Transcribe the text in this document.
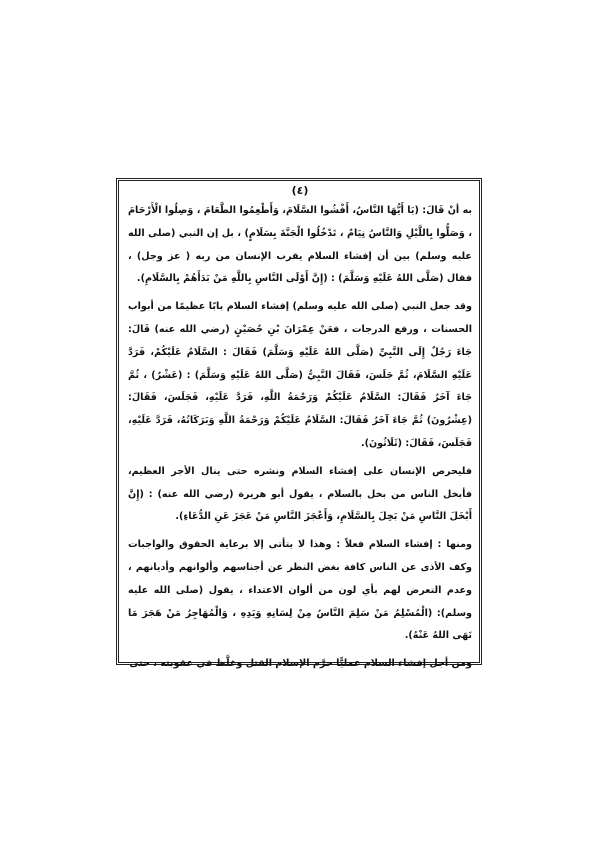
(٤)

به أنْ قَالَ: (يَا أَيُّهَا النَّاسُ، أَفْشُوا السَّلَامَ، وَأَطْعِمُوا الطَّعَامَ ، وَصِلُوا الْأَرْحَامَ ، وَصَلُّوا بِاللَّيْلِ وَالنَّاسُ نِيَامٌ ، تَدْخُلُوا الْجَنَّةَ بِسَلَامٍ) ، بل إن النبي (صلى الله عليه وسلم) بين أن إفشاء السلام يقرب الإنسان من ربه ( عز وجل) ، فقال (صَلَّى اللهُ عَلَيْهِ وَسَلَّمَ) : (إِنَّ أَوْلَى النَّاسِ بِاللَّهِ مَنْ بَدَأَهُمْ بِالسَّلَامِ).

وقد جعل النبي (صلى الله عليه وسلم) إفشاء السلام بابًا عظيمًا من أبواب الحسنات ، ورفع الدرجات ، فعَنْ عِمْرَانَ بْنِ حُصَيْنٍ (رضي الله عنه) قَالَ: جَاءَ رَجُلٌ إِلَى النَّبِيِّ (صَلَّى اللهُ عَلَيْهِ وَسَلَّمَ) فَقَالَ : السَّلَامُ عَلَيْكُمْ، فَرَدَّ عَلَيْهِ السَّلَامَ، ثُمَّ جَلَسَ، فَقَالَ النَّبِيُّ (صَلَّى اللهُ عَلَيْهِ وَسَلَّمَ) : (عَشْرٌ) ، ثُمَّ جَاءَ آخَرُ فَقَالَ: السَّلَامُ عَلَيْكُمْ وَرَحْمَةُ اللَّهِ، فَرَدَّ عَلَيْهِ، فَجَلَسَ، فَقَالَ: (عِشْرُونَ) ثُمَّ جَاءَ آخَرُ فَقَالَ: السَّلَامُ عَلَيْكُمْ وَرَحْمَةُ اللَّهِ وَبَرَكَاتُهُ، فَرَدَّ عَلَيْهِ، فَجَلَسَ، فَقَالَ: (ثَلَاثُونَ).

فليحرص الإنسان على إفشاء السلام ونشره حتى ينال الأجر العظيم، فأبخل الناس من بخل بالسلام ، يقول أبو هريرة (رضي الله عنه) : (إِنَّ أَبْخَلَ النَّاسِ مَنْ بَخِلَ بِالسَّلَامِ، وَأَعْجَزَ النَّاسِ مَنْ عَجَزَ عَنِ الدُّعَاءِ).

ومنها : إفشاء السلام فعلاً : وهذا لا يتأتى إلا برعاية الحقوق والواجبات وكف الأذى عن الناس كافة بغض النظر عن أجناسهم وألوانهم وأديانهم ، وعدم التعرض لهم بأي لون من ألوان الاعتداء ، يقول (صلى الله عليه وسلم): (الْمُسْلِمُ مَنْ سَلِمَ النَّاسُ مِنْ لِسَانِهِ وَيَدِهِ ، وَالْمُهَاجِرُ مَنْ هَجَرَ مَا نَهَى اللهُ عَنْهُ).

ومن أجل إفشاء السلام عمليًّا حرَّم الإسلام القتل وغلَّظ في عقوبته ، حتى
